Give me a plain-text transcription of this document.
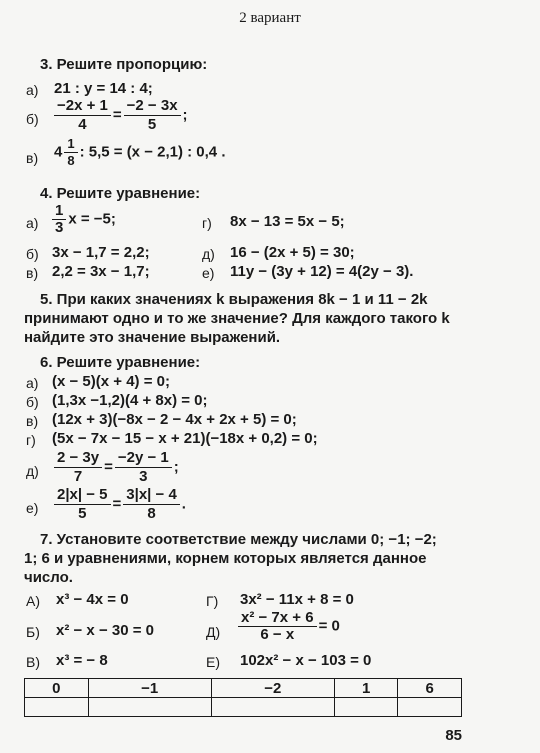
2 вариант
3. Решите пропорцию:
а) 21 : y = 14 : 4;
$б) \frac{-2x + 1}{4} = \frac{-2 - 3x}{5}$ ;
в) $4 \frac{1}{8}$ : 5,5 = (x − 2,1) : 0,4 .
4. Решите уравнение:
$а) \frac{1}{3}$ x = −5;	г) 8x − 13 = 5x − 5;
б) 3x − 1,7 = 2,2;	д) 16 − (2x + 5) = 30;
в) 2,2 = 3x − 1,7;	е) 11y − (3y + 12) = 4(2y − 3).
5. При каких значениях k выражения 8k − 1 и 11 − 2k
принимают одно и то же значение? Для каждого такого k
найдите это значение выражений.
6. Решите уравнение:
а) (x − 5)(x + 4) = 0;
б) (1,3x −1,2)(4 + 8x) = 0;
в) (12x + 3)(−8x − 2 − 4x + 2x + 5) = 0;
г) (5x − 7x − 15 − x + 21)(−18x + 0,2) = 0;
$д) \frac{2 - 3y}{7} = \frac{-2y - 1}{3}$ ;
$е) \frac{2|x| - 5}{5} = \frac{3|x| - 4}{8}$ .
7. Установите соответствие между числами 0; −1; −2;
1; 6 и уравнениями, корнем которых является данное
число.
А) x³ − 4x = 0	Г) 3x² − 11x + 8 = 0
Б) x² − x − 30 = 0	$Д) \frac{\text{x² − 7x + 6}}{6 - x} = 0$
В) x³ = − 8	Е) 102x² − x − 103 = 0
0	−1	−2	1	6

85
